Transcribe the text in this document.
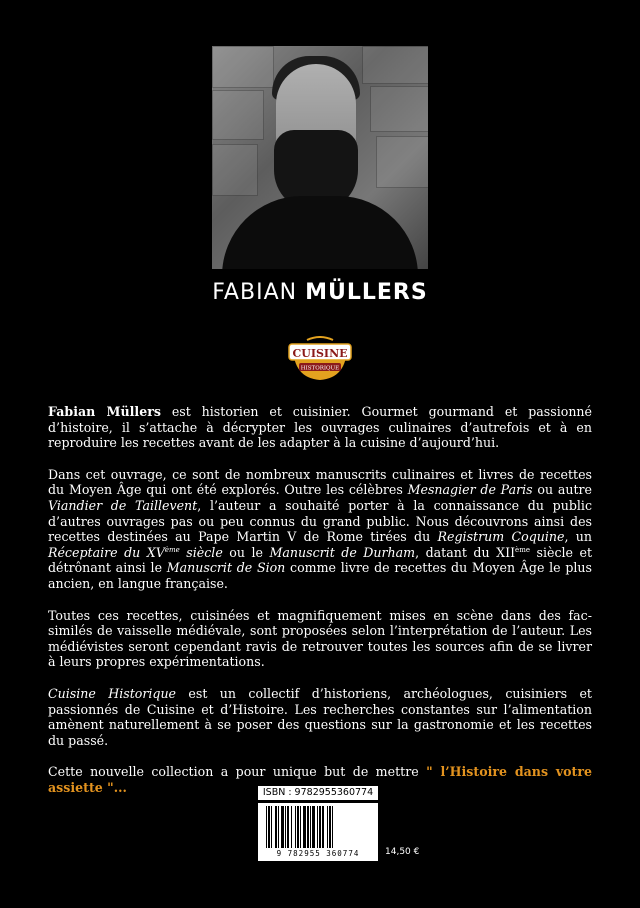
FABIAN MÜLLERS
CUISINE
HISTORIQUE

Fabian Müllers est historien et cuisinier. Gourmet gourmand et passionné d’histoire, il s’attache à décrypter les ouvrages culinaires d’autrefois et à en reproduire les recettes avant de les adapter à la cuisine d’aujourd’hui.

Dans cet ouvrage, ce sont de nombreux manuscrits culinaires et livres de recettes du Moyen Âge qui ont été explorés. Outre les célèbres Mesnagier de Paris ou autre Viandier de Taillevent, l’auteur a souhaité porter à la connaissance du public d’autres ouvrages pas ou peu connus du grand public. Nous découvrons ainsi des recettes destinées au Pape Martin V de Rome tirées du Registrum Coquine, un Réceptaire du XVème siècle ou le Manuscrit de Durham, datant du XIIème siècle et détrônant ainsi le Manuscrit de Sion comme livre de recettes du Moyen Âge le plus ancien, en langue française.

Toutes ces recettes, cuisinées et magnifiquement mises en scène dans des fac-similés de vaisselle médiévale, sont proposées selon l’interprétation de l’auteur. Les médiévistes seront cependant ravis de retrouver toutes les sources afin de se livrer à leurs propres expérimentations.

Cuisine Historique est un collectif d’historiens, archéologues, cuisiniers et passionnés de Cuisine et d’Histoire. Les recherches constantes sur l’alimentation amènent naturellement à se poser des questions sur la gastronomie et les recettes du passé.

Cette nouvelle collection a pour unique but de mettre " l’Histoire dans votre assiette "...	ISBN : 9782955360774
9 782955 360774	14,50 €
